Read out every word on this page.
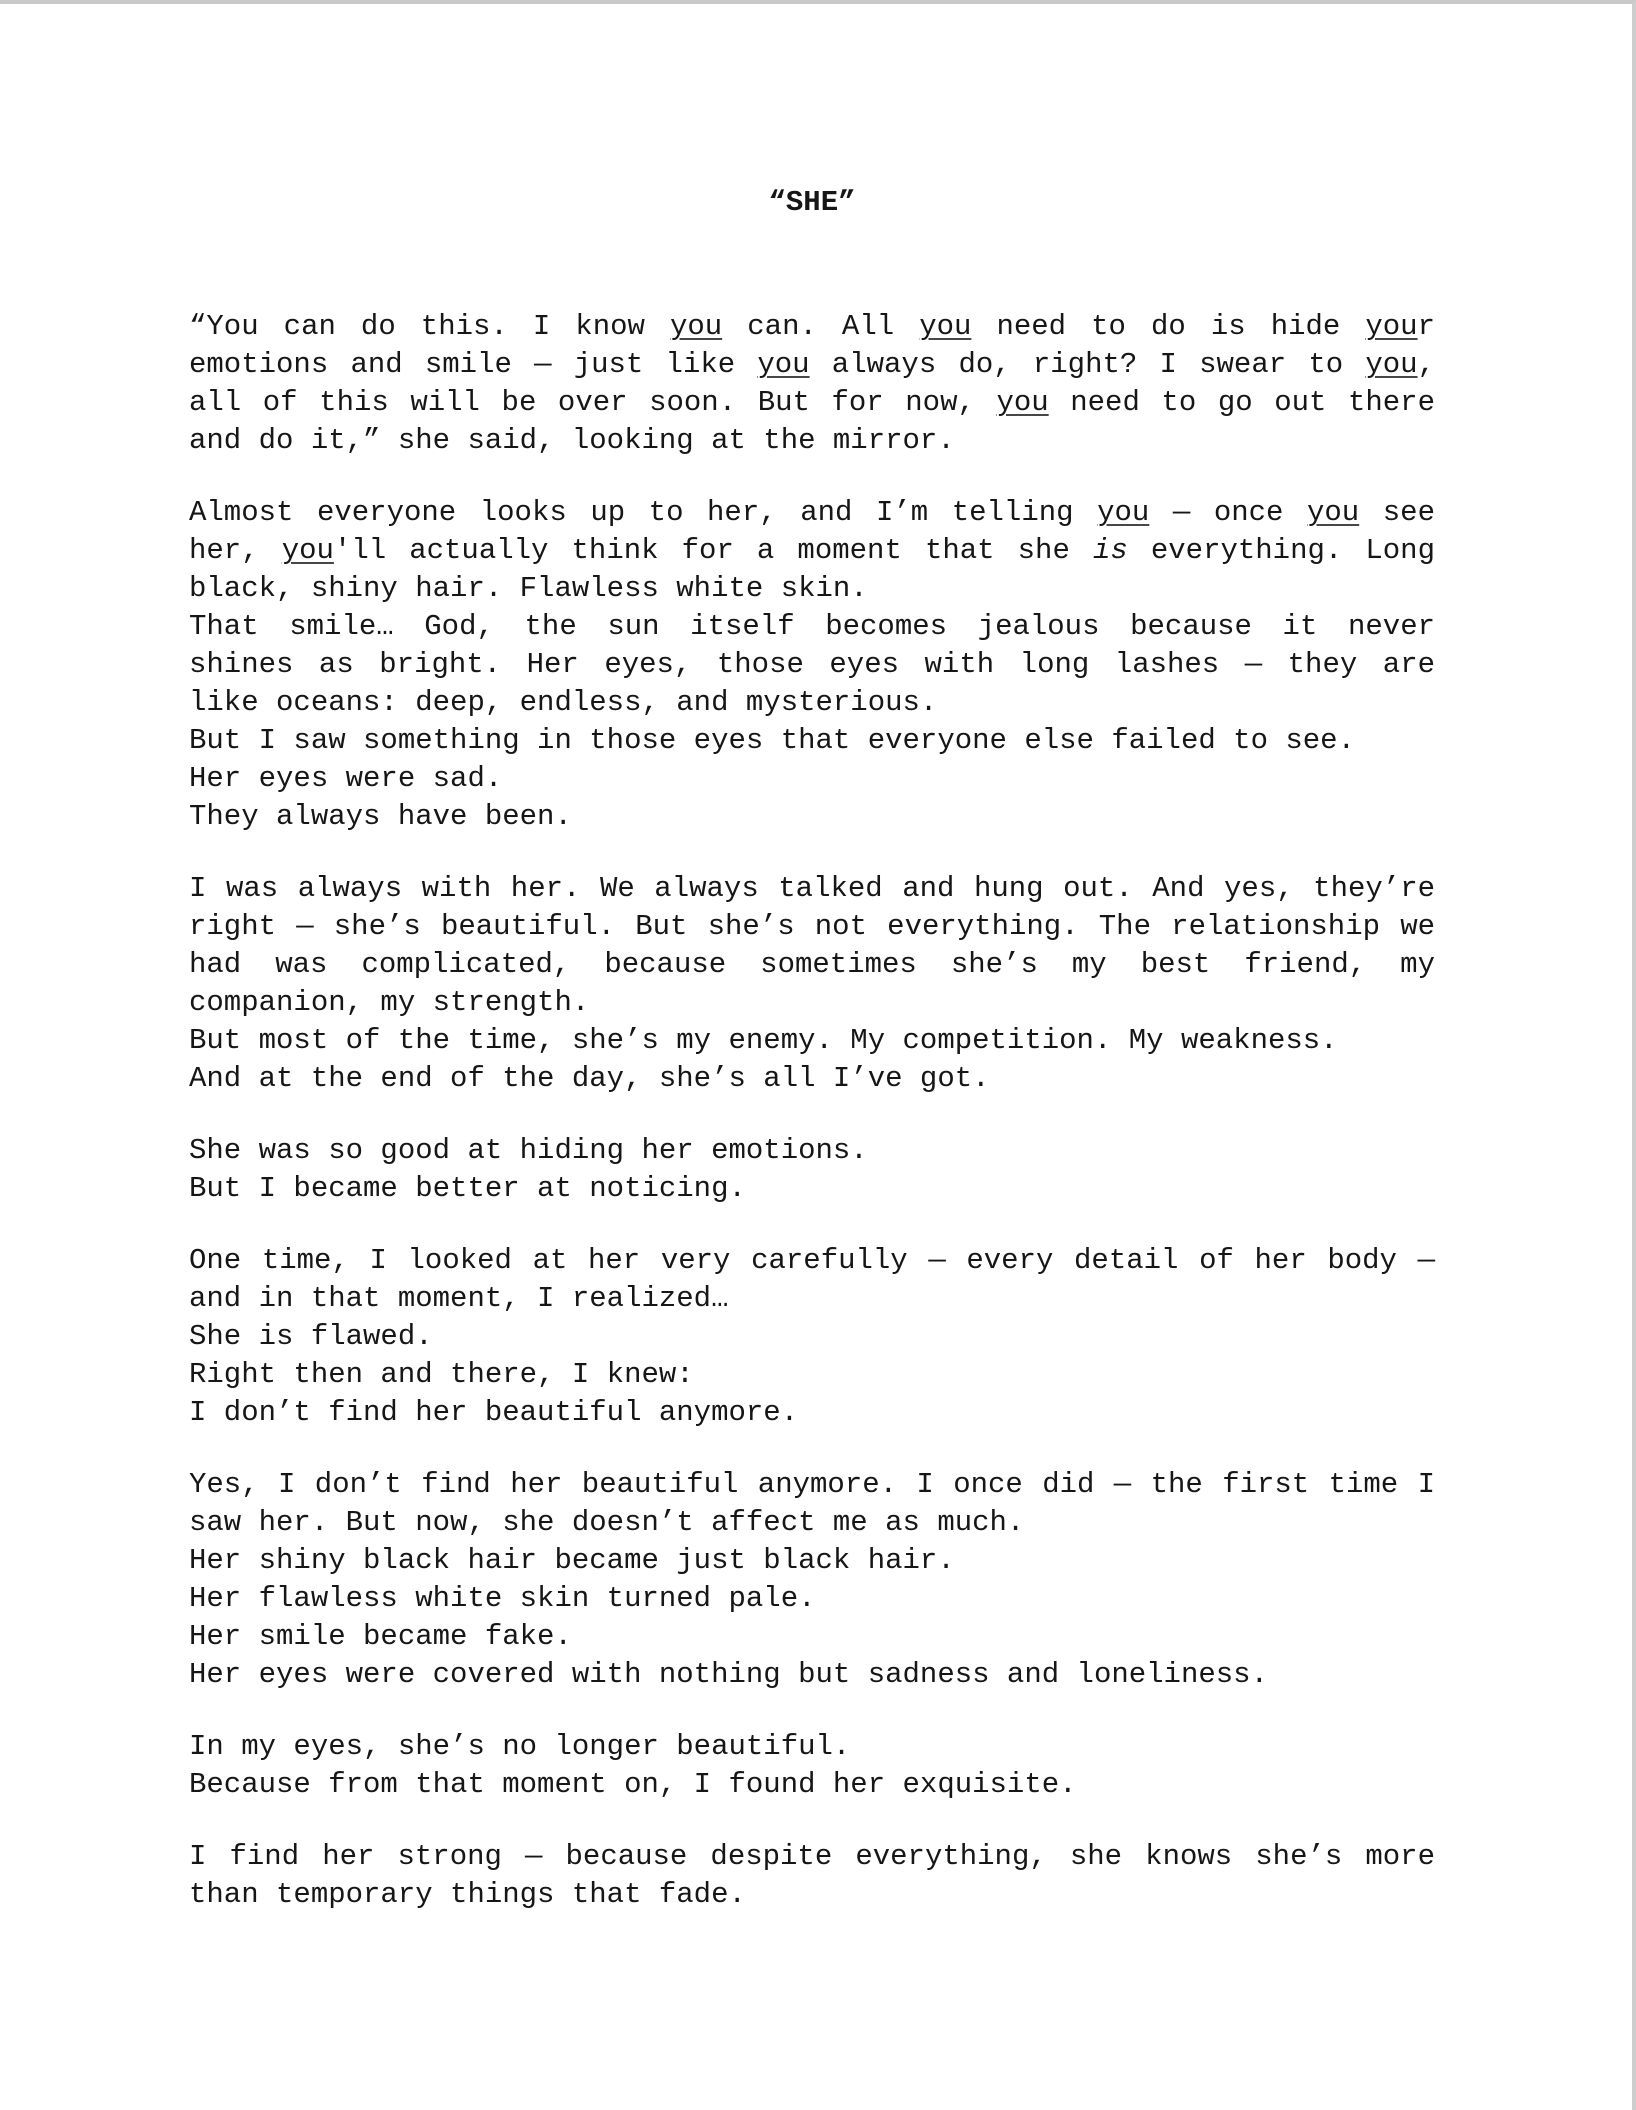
“SHE”

“You can do this. I know you can. All you need to do is hide your
emotions and smile — just like you always do, right? I swear to you,
all of this will be over soon. But for now, you need to go out there
and do it,” she said, looking at the mirror.

Almost everyone looks up to her, and I’m telling you — once you see
her, you'll actually think for a moment that she is everything. Long
black, shiny hair. Flawless white skin.
That smile… God, the sun itself becomes jealous because it never
shines as bright. Her eyes, those eyes with long lashes — they are
like oceans: deep, endless, and mysterious.
But I saw something in those eyes that everyone else failed to see.
Her eyes were sad.
They always have been.

I was always with her. We always talked and hung out. And yes, they’re
right — she’s beautiful. But she’s not everything. The relationship we
had was complicated, because sometimes she’s my best friend, my
companion, my strength.
But most of the time, she’s my enemy. My competition. My weakness.
And at the end of the day, she’s all I’ve got.

She was so good at hiding her emotions.
But I became better at noticing.

One time, I looked at her very carefully — every detail of her body —
and in that moment, I realized…
She is flawed.
Right then and there, I knew:
I don’t find her beautiful anymore.

Yes, I don’t find her beautiful anymore. I once did — the first time I
saw her. But now, she doesn’t affect me as much.
Her shiny black hair became just black hair.
Her flawless white skin turned pale.
Her smile became fake.
Her eyes were covered with nothing but sadness and loneliness.

In my eyes, she’s no longer beautiful.
Because from that moment on, I found her exquisite.

I find her strong — because despite everything, she knows she’s more
than temporary things that fade.
